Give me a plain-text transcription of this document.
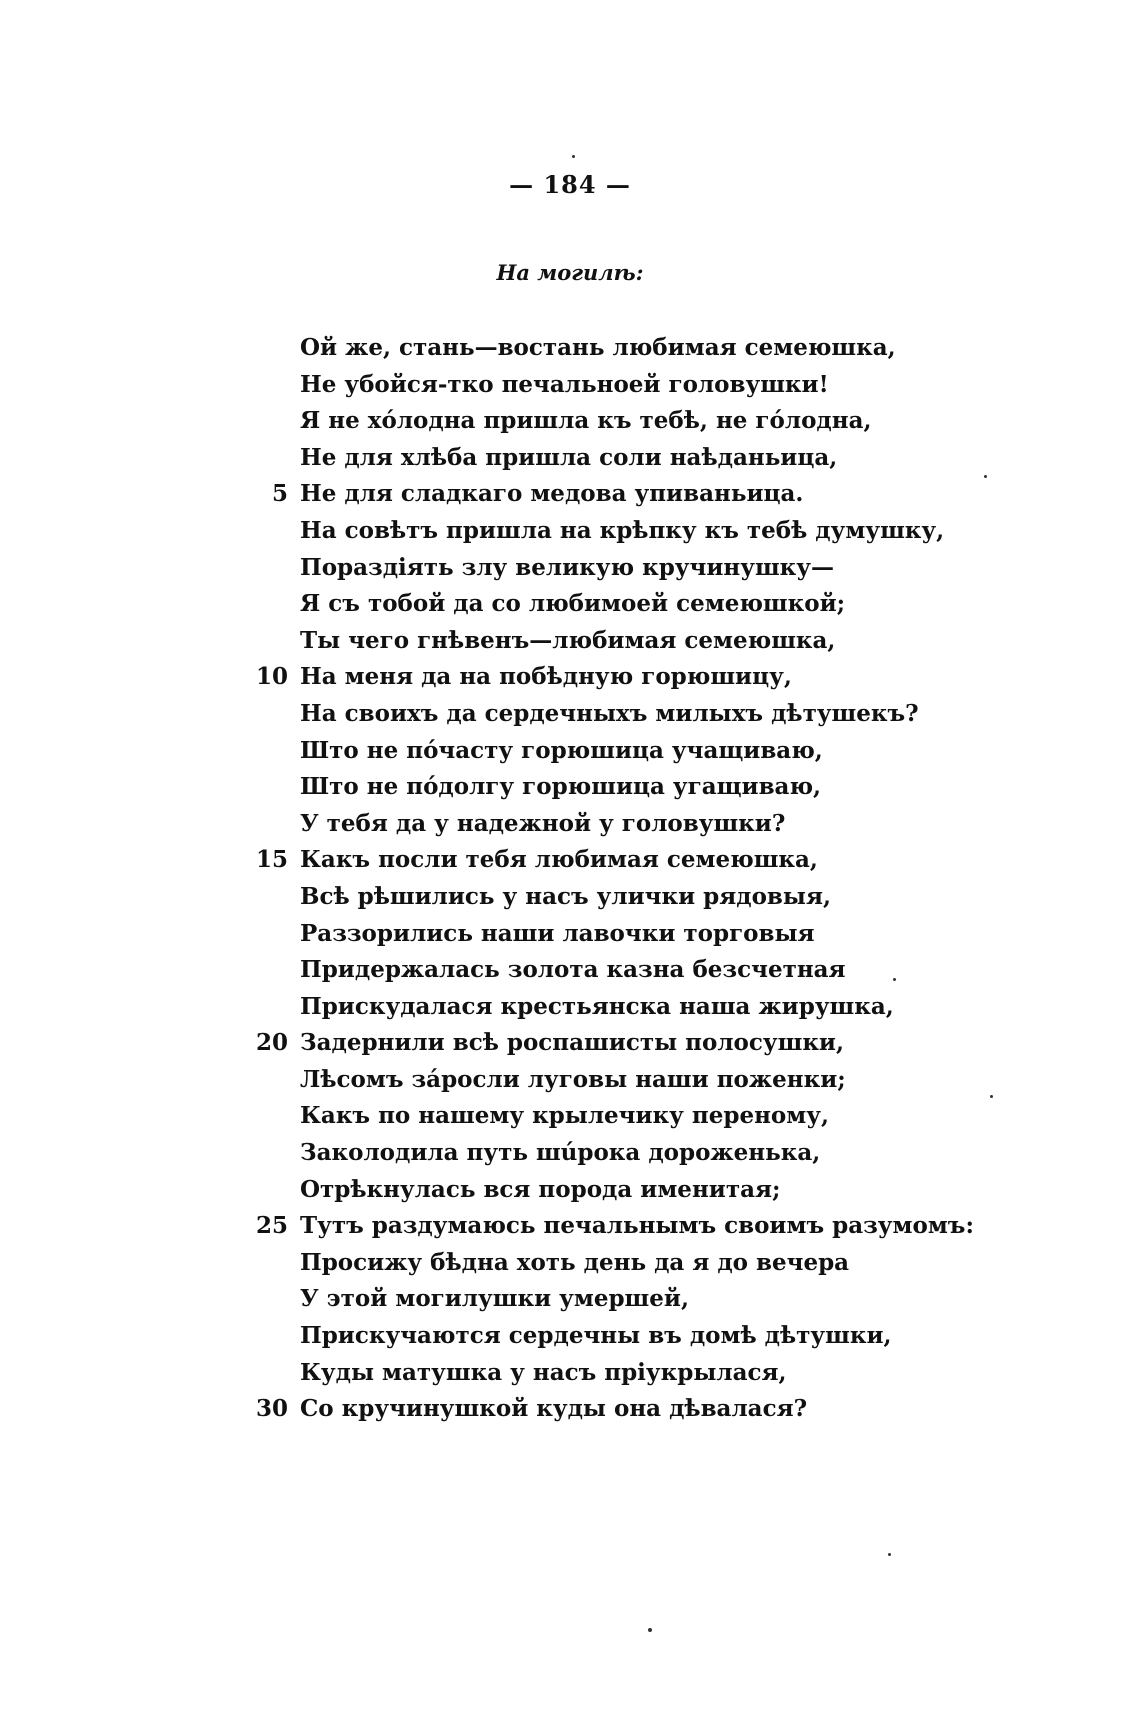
— 184 —
На могилѣ:
Ой же, стань—востань любимая семеюшка,
Не убойся-тко печальноей головушки!
Я не хóлодна пришла къ тебѣ, не гóлодна,
Не для хлѣба пришла соли наѣданьица,
5 Не для сладкаго медова упиваньица.
На совѣтъ пришла на крѣпку къ тебѣ думушку,
Пораздіять злу великую кручинушку—
Я съ тобой да со любимоей семеюшкой;
Ты чего гнѣвенъ—любимая семеюшка,
10 На меня да на побѣдную горюшицу,
На своихъ да сердечныхъ милыхъ дѣтушекъ?
Што не пóчасту горюшица учащиваю,
Што не пóдолгу горюшица угащиваю,
У тебя да у надежной у головушки?
15 Какъ посли тебя любимая семеюшка,
Всѣ рѣшились у насъ улички рядовыя,
Раззорились наши лавочки торговыя
Придержалась золота казна безсчетная
Прискудалася крестьянска наша жирушка,
20 Задернили всѣ роспашисты полосушки,
Лѣсомъ зáросли луговы наши поженки;
Какъ по нашему крылечику переному,
Заколодила путь шúрока дороженька,
Отрѣкнулась вся порода именитая;
25 Тутъ раздумаюсь печальнымъ своимъ разумомъ:
Просижу бѣдна хоть день да я до вечера
У этой могилушки умершей,
Прискучаются сердечны въ домѣ дѣтушки,
Куды матушка у насъ пріукрылася,
30 Со кручинушкой куды она дѣвалася?
